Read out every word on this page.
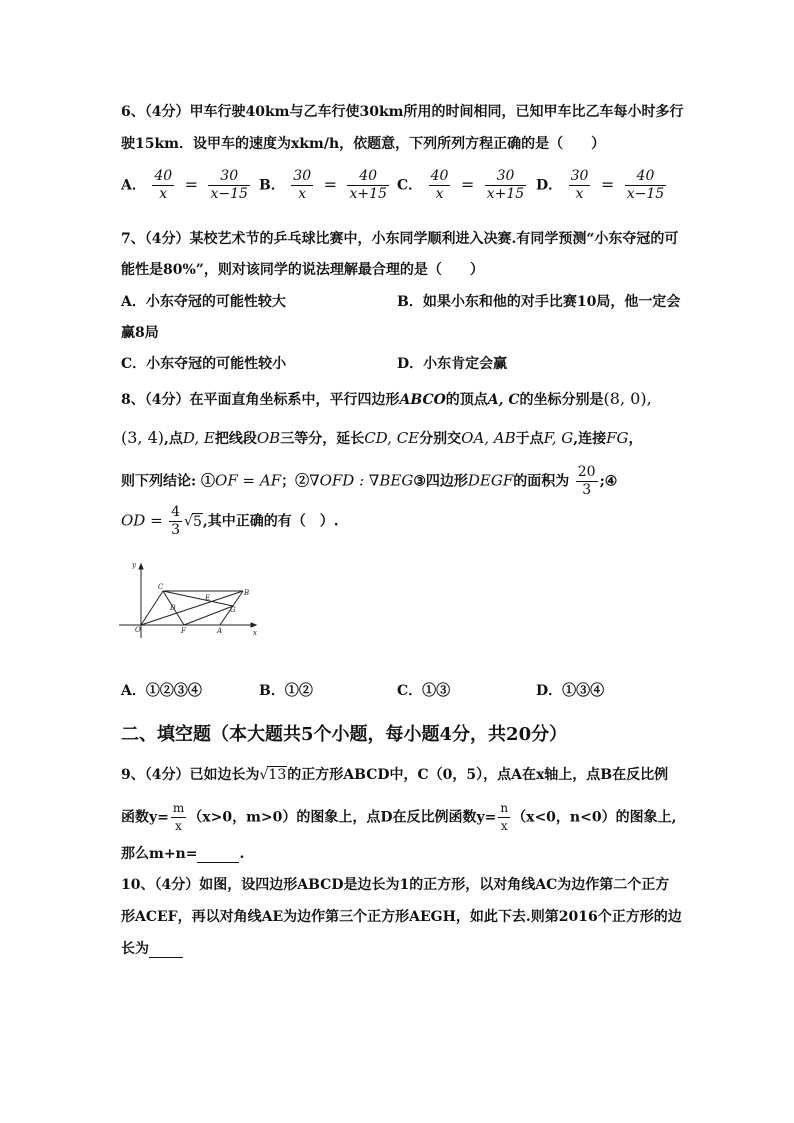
6、（4分）甲车行驶40km与乙车行使30km所用的时间相同，已知甲车比乙车每小时多行
驶15km．设甲车的速度为xkm/h，依题意，下列所列方程正确的是（　　）
A． $\frac{40}{x} = \frac{30}{x-15}$ B． $\frac{30}{x} = \frac{40}{x+15}$ C． $\frac{40}{x} = \frac{30}{x+15}$ D． $\frac{30}{x} = \frac{40}{x-15}$
7、（4分）某校艺术节的乒乓球比赛中，小东同学顺利进入决赛.有同学预测“小东夺冠的可
能性是80%”，则对该同学的说法理解最合理的是（　　）
A．小东夺冠的可能性较大	B．如果小东和他的对手比赛10局，他一定会
赢8局
C．小东夺冠的可能性较小	D．小东肯定会赢
8、（4分）在平面直角坐标系中，平行四边形ABCO的顶点A, C的坐标分别是(8, 0),
(3, 4),点D, E把线段OB三等分，延长CD, CE分别交OA, AB于点F, G,连接FG，
则下列结论: ①OF = AF；②∇OFD : ∇BEG③四边形DEGF的面积为 $\frac{20}{3}$ ;④
OD = $\frac{4}{3} √5$,其中正确的有（　）.
y
x
O
C
B
E
D	G
F	A
A．①②③④	B．①②	C．①③	D．①③④
二、填空题（本大题共5个小题，每小题4分，共20分）
9、（4分）已如边长为√13的正方形ABCD中，C（0，5），点A在x轴上，点B在反比例
函数$y= \frac{m}{x} (x>0$，m>0）的图象上，点D在反比例函数$y= \frac{n}{x} (x<0$，n<0）的图象上,
那么m+n=	.
10、（4分）如图，设四边形ABCD是边长为1的正方形，以对角线AC为边作第二个正方
形ACEF，再以对角线AE为边作第三个正方形AEGH，如此下去.则第2016个正方形的边
长为
